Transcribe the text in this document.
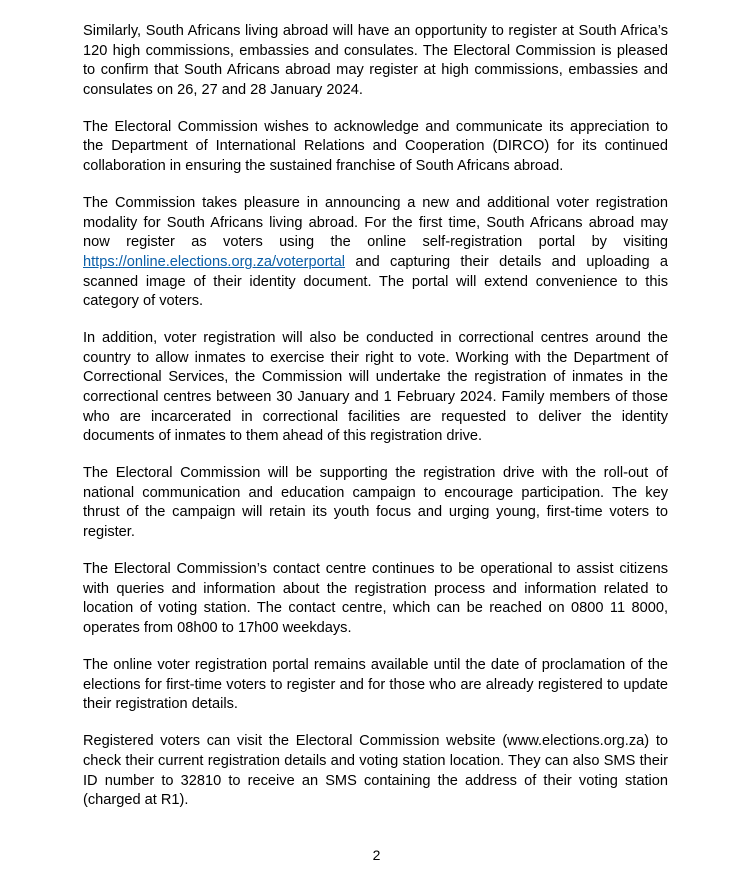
Similarly, South Africans living abroad will have an opportunity to register at South Africa’s 120 high commissions, embassies and consulates. The Electoral Commission is pleased to confirm that South Africans abroad may register at high commissions, embassies and consulates on 26, 27 and 28 January 2024.

The Electoral Commission wishes to acknowledge and communicate its appreciation to the Department of International Relations and Cooperation (DIRCO) for its continued collaboration in ensuring the sustained franchise of South Africans abroad.

The Commission takes pleasure in announcing a new and additional voter registration modality for South Africans living abroad. For the first time, South Africans abroad may now register as voters using the online self-registration portal by visiting https://online.elections.org.za/voterportal and capturing their details and uploading a scanned image of their identity document. The portal will extend convenience to this category of voters.

In addition, voter registration will also be conducted in correctional centres around the country to allow inmates to exercise their right to vote. Working with the Department of Correctional Services, the Commission will undertake the registration of inmates in the correctional centres between 30 January and 1 February 2024. Family members of those who are incarcerated in correctional facilities are requested to deliver the identity documents of inmates to them ahead of this registration drive.

The Electoral Commission will be supporting the registration drive with the roll-out of national communication and education campaign to encourage participation. The key thrust of the campaign will retain its youth focus and urging young, first-time voters to register.

The Electoral Commission’s contact centre continues to be operational to assist citizens with queries and information about the registration process and information related to location of voting station. The contact centre, which can be reached on 0800 11 8000, operates from 08h00 to 17h00 weekdays.

The online voter registration portal remains available until the date of proclamation of the elections for first-time voters to register and for those who are already registered to update their registration details.

Registered voters can visit the Electoral Commission website (www.elections.org.za) to check their current registration details and voting station location. They can also SMS their ID number to 32810 to receive an SMS containing the address of their voting station (charged at R1).

2
